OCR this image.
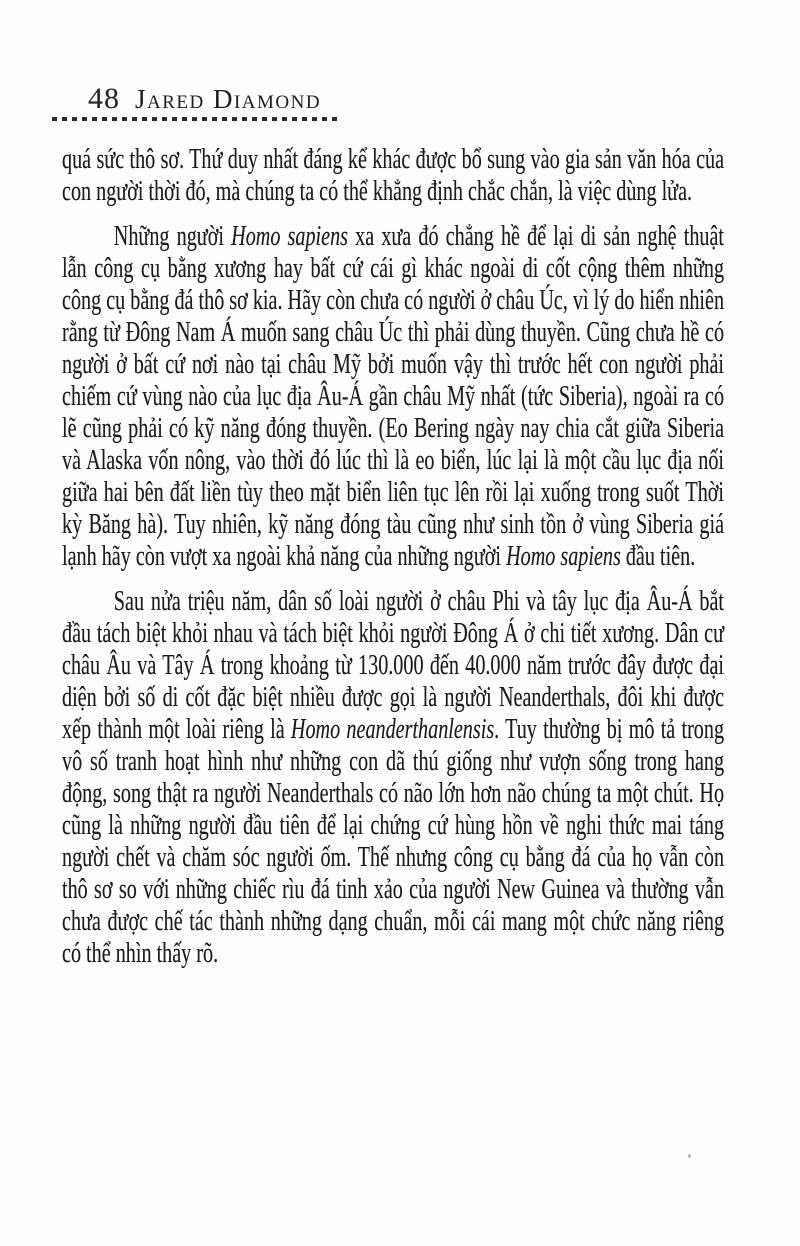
48 Jared Diamond

quá sức thô sơ. Thứ duy nhất đáng kể khác được bổ sung vào gia sản văn hóa của con người thời đó, mà chúng ta có thể khẳng định chắc chắn, là việc dùng lửa.

Những người Homo sapiens xa xưa đó chẳng hề để lại di sản nghệ thuật lẫn công cụ bằng xương hay bất cứ cái gì khác ngoài di cốt cộng thêm những công cụ bằng đá thô sơ kia. Hãy còn chưa có người ở châu Úc, vì lý do hiển nhiên rằng từ Đông Nam Á muốn sang châu Úc thì phải dùng thuyền. Cũng chưa hề có người ở bất cứ nơi nào tại châu Mỹ bởi muốn vậy thì trước hết con người phải chiếm cứ vùng nào của lục địa Âu-Á gần châu Mỹ nhất (tức Siberia), ngoài ra có lẽ cũng phải có kỹ năng đóng thuyền. (Eo Bering ngày nay chia cắt giữa Siberia và Alaska vốn nông, vào thời đó lúc thì là eo biển, lúc lại là một cầu lục địa nối giữa hai bên đất liền tùy theo mặt biển liên tục lên rồi lại xuống trong suốt Thời kỳ Băng hà). Tuy nhiên, kỹ năng đóng tàu cũng như sinh tồn ở vùng Siberia giá lạnh hãy còn vượt xa ngoài khả năng của những người Homo sapiens đầu tiên.

Sau nửa triệu năm, dân số loài người ở châu Phi và tây lục địa Âu-Á bắt đầu tách biệt khỏi nhau và tách biệt khỏi người Đông Á ở chi tiết xương. Dân cư châu Âu và Tây Á trong khoảng từ 130.000 đến 40.000 năm trước đây được đại diện bởi số di cốt đặc biệt nhiều được gọi là người Neanderthals, đôi khi được xếp thành một loài riêng là Homo neanderthanlensis. Tuy thường bị mô tả trong vô số tranh hoạt hình như những con dã thú giống như vượn sống trong hang động, song thật ra người Neanderthals có não lớn hơn não chúng ta một chút. Họ cũng là những người đầu tiên để lại chứng cứ hùng hồn về nghi thức mai táng người chết và chăm sóc người ốm. Thế nhưng công cụ bằng đá của họ vẫn còn thô sơ so với những chiếc rìu đá tinh xảo của người New Guinea và thường vẫn chưa được chế tác thành những dạng chuẩn, mỗi cái mang một chức năng riêng có thể nhìn thấy rõ.
